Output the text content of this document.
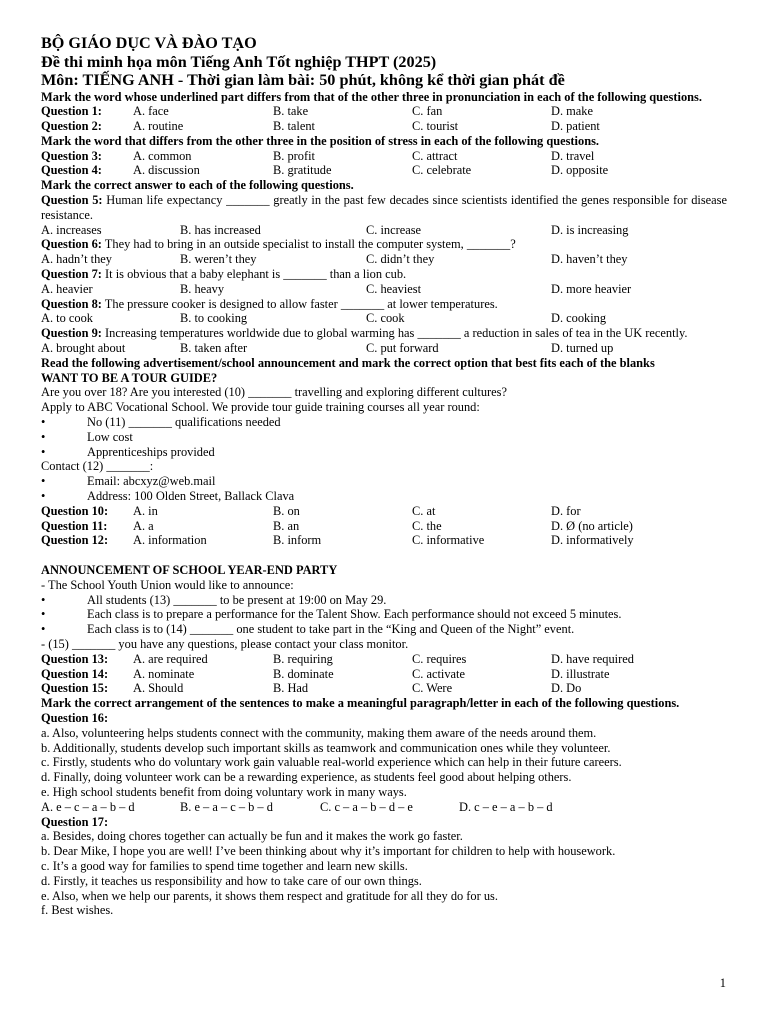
BỘ GIÁO DỤC VÀ ĐÀO TẠO
Đề thi minh họa môn Tiếng Anh Tốt nghiệp THPT (2025)
Môn: TIẾNG ANH - Thời gian làm bài: 50 phút, không kể thời gian phát đề
Mark the word whose underlined part differs from that of the other three in pronunciation in each of the following questions.
Question 1:	A. face	B. take	C. fan	D. make
Question 2:	A. routine	B. talent	C. tourist	D. patient
Mark the word that differs from the other three in the position of stress in each of the following questions.
Question 3:	A. common	B. profit	C. attract	D. travel
Question 4:	A. discussion	B. gratitude	C. celebrate	D. opposite
Mark the correct answer to each of the following questions.
Question 5: Human life expectancy _______ greatly in the past few decades since scientists identified the genes responsible for disease resistance.
A. increases	B. has increased	C. increase	D. is increasing
Question 6: They had to bring in an outside specialist to install the computer system, _______?
A. hadn’t they	B. weren’t they	C. didn’t they	D. haven’t they
Question 7: It is obvious that a baby elephant is _______ than a lion cub.
A. heavier	B. heavy	C. heaviest	D. more heavier
Question 8: The pressure cooker is designed to allow faster _______ at lower temperatures.
A. to cook	B. to cooking	C. cook	D. cooking
Question 9: Increasing temperatures worldwide due to global warming has _______ a reduction in sales of tea in the UK recently.
A. brought about	B. taken after	C. put forward	D. turned up
Read the following advertisement/school announcement and mark the correct option that best fits each of the blanks
WANT TO BE A TOUR GUIDE?
Are you over 18? Are you interested (10) _______ travelling and exploring different cultures?
Apply to ABC Vocational School. We provide tour guide training courses all year round:
•	No (11) _______ qualifications needed
•	Low cost
•	Apprenticeships provided
Contact (12) _______:
•	Email: abcxyz@web.mail
•	Address: 100 Olden Street, Ballack Clava
Question 10: A. in	B. on	C. at	D. for
Question 11: A. a	B. an	C. the	D. Ø (no article)
Question 12: A. information	B. inform	C. informative	D. informatively
ANNOUNCEMENT OF SCHOOL YEAR-END PARTY
- The School Youth Union would like to announce:
•	All students (13) _______ to be present at 19:00 on May 29.
•	Each class is to prepare a performance for the Talent Show. Each performance should not exceed 5 minutes.
•	Each class is to (14) _______ one student to take part in the “King and Queen of the Night” event.
- (15) _______ you have any questions, please contact your class monitor.
Question 13: A. are required	B. requiring	C. requires	D. have required
Question 14: A. nominate	B. dominate	C. activate	D. illustrate
Question 15: A. Should	B. Had	C. Were	D. Do
Mark the correct arrangement of the sentences to make a meaningful paragraph/letter in each of the following questions.
Question 16:
a. Also, volunteering helps students connect with the community, making them aware of the needs around them.
b. Additionally, students develop such important skills as teamwork and communication ones while they volunteer.
c. Firstly, students who do voluntary work gain valuable real-world experience which can help in their future careers.
d. Finally, doing volunteer work can be a rewarding experience, as students feel good about helping others.
e. High school students benefit from doing voluntary work in many ways.
A. e – c – a – b – d	B. e – a – c – b – d	C. c – a – b – d – e	D. c – e – a – b – d
Question 17:
a. Besides, doing chores together can actually be fun and it makes the work go faster.
b. Dear Mike, I hope you are well! I’ve been thinking about why it’s important for children to help with housework.
c. It’s a good way for families to spend time together and learn new skills.
d. Firstly, it teaches us responsibility and how to take care of our own things.
e. Also, when we help our parents, it shows them respect and gratitude for all they do for us.
f. Best wishes.
1
